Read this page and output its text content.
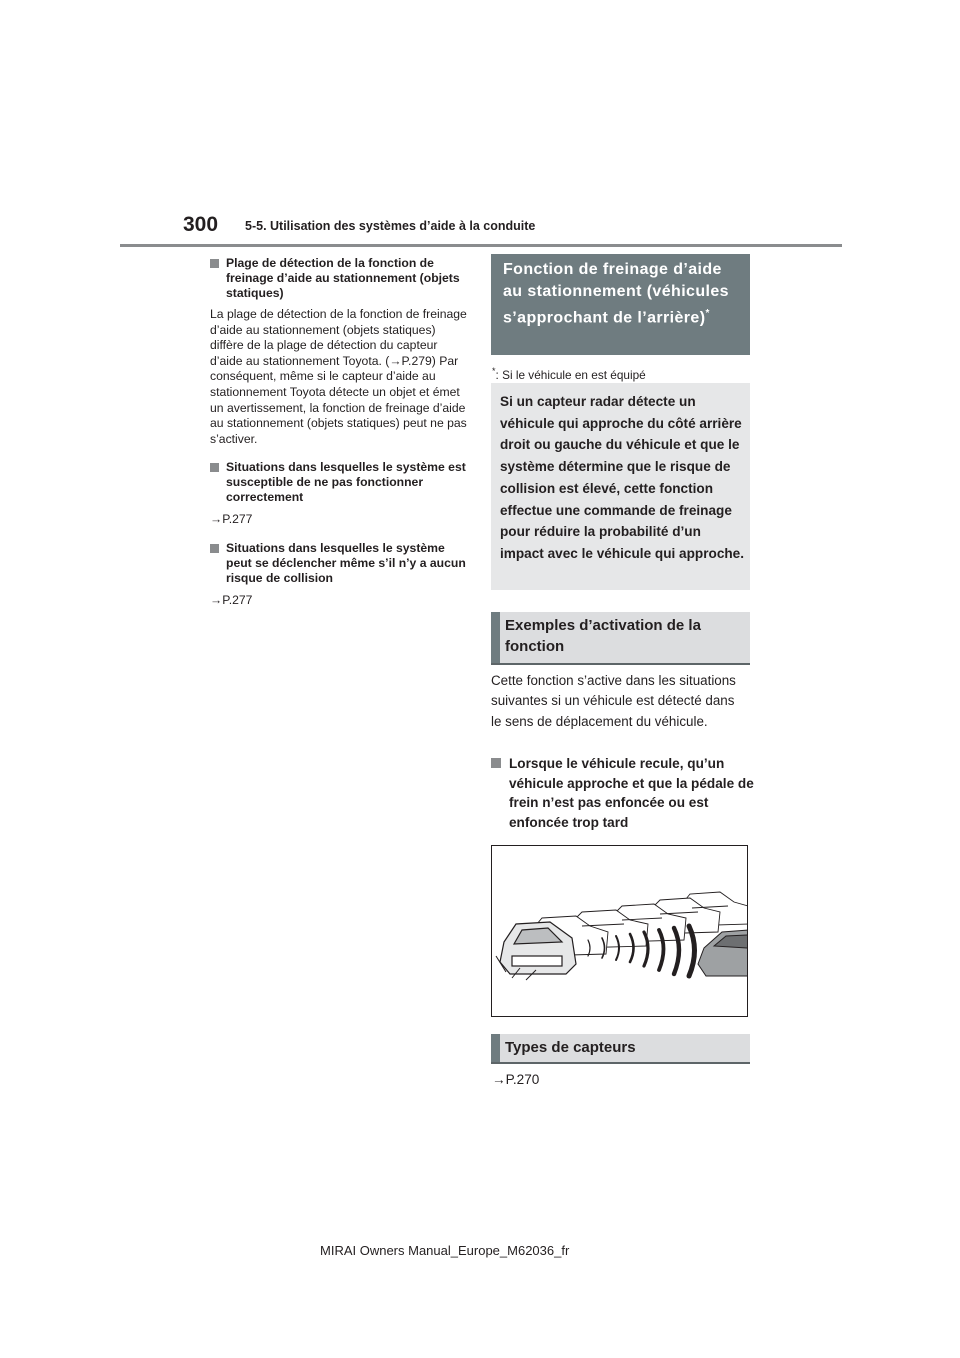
300 5-5. Utilisation des systèmes d’aide à la conduite
Plage de détection de la fonction de freinage d’aide au stationnement (objets statiques)
La plage de détection de la fonction de freinage d’aide au stationnement (objets statiques) diffère de la plage de détection du capteur d’aide au stationnement Toyota. (→P.279) Par conséquent, même si le capteur d’aide au stationnement Toyota détecte un objet et émet un avertissement, la fonction de freinage d’aide au stationnement (objets statiques) peut ne pas s’activer.
Situations dans lesquelles le système est susceptible de ne pas fonctionner correctement
→P.277
Situations dans lesquelles le système peut se déclencher même s’il n’y a aucun risque de collision
→P.277
Fonction de freinage d’aide au stationnement (véhicules s’approchant de l’arrière)*
*: Si le véhicule en est équipé
Si un capteur radar détecte un véhicule qui approche du côté arrière droit ou gauche du véhicule et que le système détermine que le risque de collision est élevé, cette fonction effectue une commande de freinage pour réduire la probabilité d’un impact avec le véhicule qui approche.
Exemples d’activation de la fonction
Cette fonction s’active dans les situations suivantes si un véhicule est détecté dans le sens de déplacement du véhicule.
Lorsque le véhicule recule, qu’un véhicule approche et que la pédale de frein n’est pas enfoncée ou est enfoncée trop tard
Types de capteurs
→P.270
MIRAI Owners Manual_Europe_M62036_fr
